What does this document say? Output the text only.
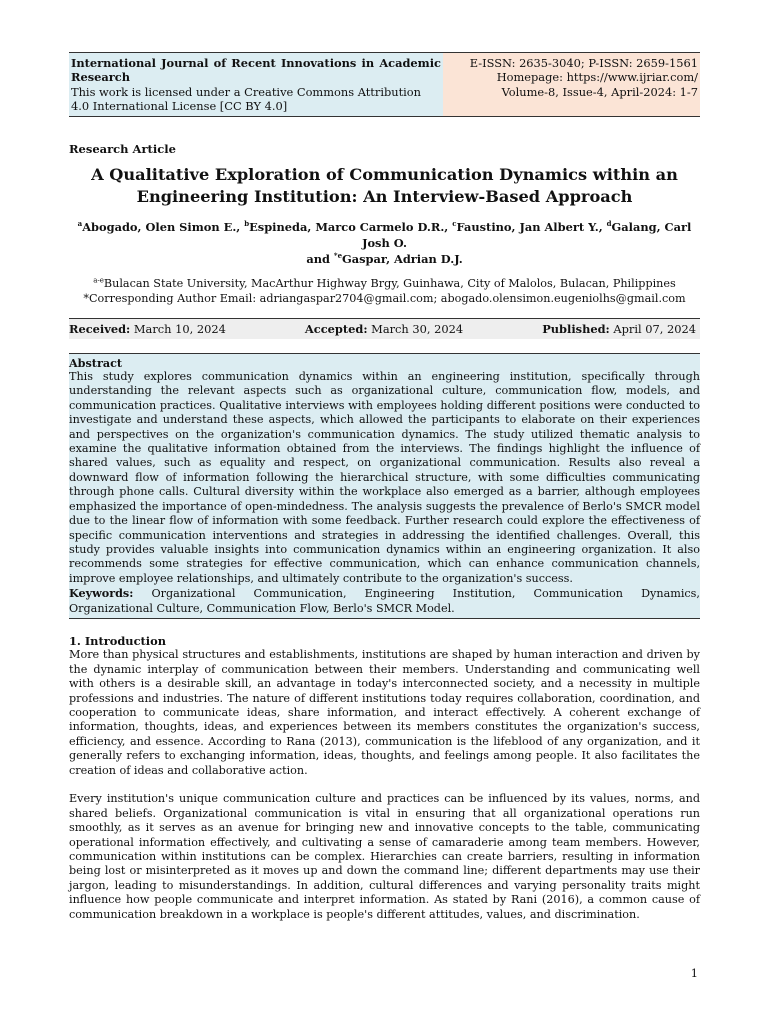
International Journal of Recent Innovations in Academic Research
This work is licensed under a Creative Commons Attribution 4.0 International License [CC BY 4.0]
E-ISSN: 2635-3040; P-ISSN: 2659-1561
Homepage: https://www.ijriar.com/
Volume-8, Issue-4, April-2024: 1-7
Research Article
A Qualitative Exploration of Communication Dynamics within an Engineering Institution: An Interview-Based Approach
$^a$Abogado, Olen Simon E., $^b$Espineda, Marco Carmelo D.R., $^c$Faustino, Jan Albert Y., $^d$Galang, Carl Josh O.
and $^{*e}$Gaspar, Adrian D.J.
$^{a-e}$Bulacan State University, MacArthur Highway Brgy, Guinhawa, City of Malolos, Bulacan, Philippines
*Corresponding Author Email: adriangaspar2704@gmail.com; abogado.olensimon.eugeniolhs@gmail.com
Received: March 10, 2024	Accepted: March 30, 2024	Published: April 07, 2024
Abstract
This study explores communication dynamics within an engineering institution, specifically through understanding the relevant aspects such as organizational culture, communication flow, models, and communication practices. Qualitative interviews with employees holding different positions were conducted to investigate and understand these aspects, which allowed the participants to elaborate on their experiences and perspectives on the organization's communication dynamics. The study utilized thematic analysis to examine the qualitative information obtained from the interviews. The findings highlight the influence of shared values, such as equality and respect, on organizational communication. Results also reveal a downward flow of information following the hierarchical structure, with some difficulties communicating through phone calls. Cultural diversity within the workplace also emerged as a barrier, although employees emphasized the importance of open-mindedness. The analysis suggests the prevalence of Berlo's SMCR model due to the linear flow of information with some feedback. Further research could explore the effectiveness of specific communication interventions and strategies in addressing the identified challenges. Overall, this study provides valuable insights into communication dynamics within an engineering organization. It also recommends some strategies for effective communication, which can enhance communication channels, improve employee relationships, and ultimately contribute to the organization's success.
Keywords: Organizational Communication, Engineering Institution, Communication Dynamics, Organizational Culture, Communication Flow, Berlo's SMCR Model.
1. Introduction

More than physical structures and establishments, institutions are shaped by human interaction and driven by the dynamic interplay of communication between their members. Understanding and communicating well with others is a desirable skill, an advantage in today's interconnected society, and a necessity in multiple professions and industries. The nature of different institutions today requires collaboration, coordination, and cooperation to communicate ideas, share information, and interact effectively. A coherent exchange of information, thoughts, ideas, and experiences between its members constitutes the organization's success, efficiency, and essence. According to Rana (2013), communication is the lifeblood of any organization, and it generally refers to exchanging information, ideas, thoughts, and feelings among people. It also facilitates the creation of ideas and collaborative action.

Every institution's unique communication culture and practices can be influenced by its values, norms, and shared beliefs. Organizational communication is vital in ensuring that all organizational operations run smoothly, as it serves as an avenue for bringing new and innovative concepts to the table, communicating operational information effectively, and cultivating a sense of camaraderie among team members. However, communication within institutions can be complex. Hierarchies can create barriers, resulting in information being lost or misinterpreted as it moves up and down the command line; different departments may use their jargon, leading to misunderstandings. In addition, cultural differences and varying personality traits might influence how people communicate and interpret information. As stated by Rani (2016), a common cause of communication breakdown in a workplace is people's different attitudes, values, and discrimination.

1
